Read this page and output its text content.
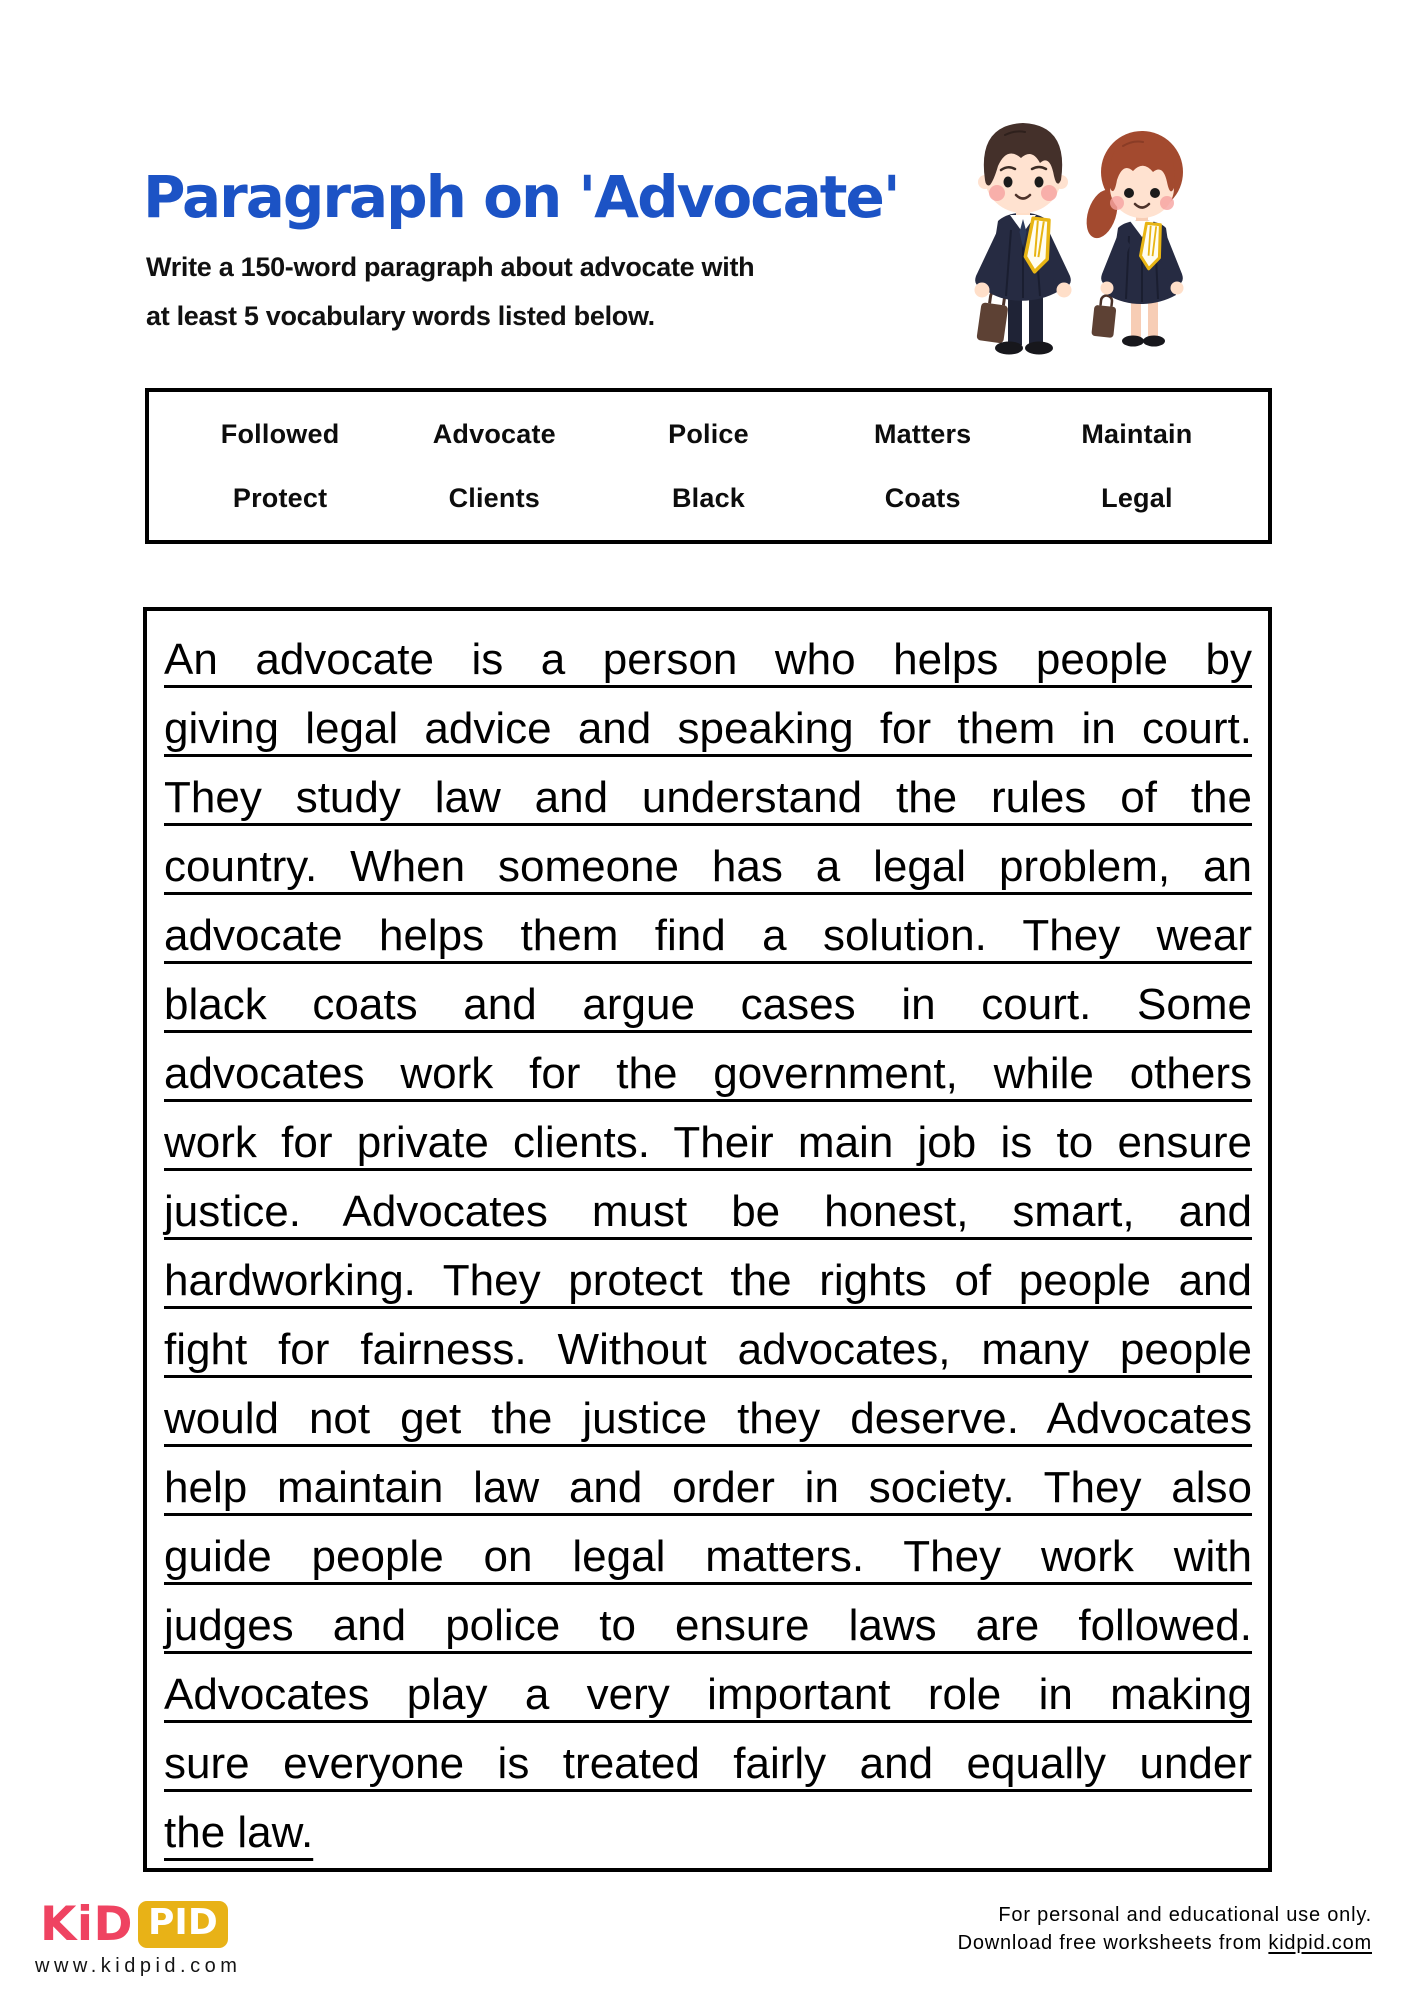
Paragraph on 'Advocate'
Write a 150-word paragraph about advocate with
at least 5 vocabulary words listed below.
Followed	Advocate	Police	Matters	Maintain
Protect	Clients	Black	Coats	Legal
An advocate is a person who helps people by
giving legal advice and speaking for them in court.
They study law and understand the rules of the
country. When someone has a legal problem, an
advocate helps them find a solution. They wear
black coats and argue cases in court. Some
advocates work for the government, while others
work for private clients. Their main job is to ensure
justice. Advocates must be honest, smart, and
hardworking. They protect the rights of people and
fight for fairness. Without advocates, many people
would not get the justice they deserve. Advocates
help maintain law and order in society. They also
guide people on legal matters. They work with
judges and police to ensure laws are followed.
Advocates play a very important role in making
sure everyone is treated fairly and equally under
the law.
KiD PID
www.kidpid.com
For personal and educational use only.
Download free worksheets from kidpid.com
